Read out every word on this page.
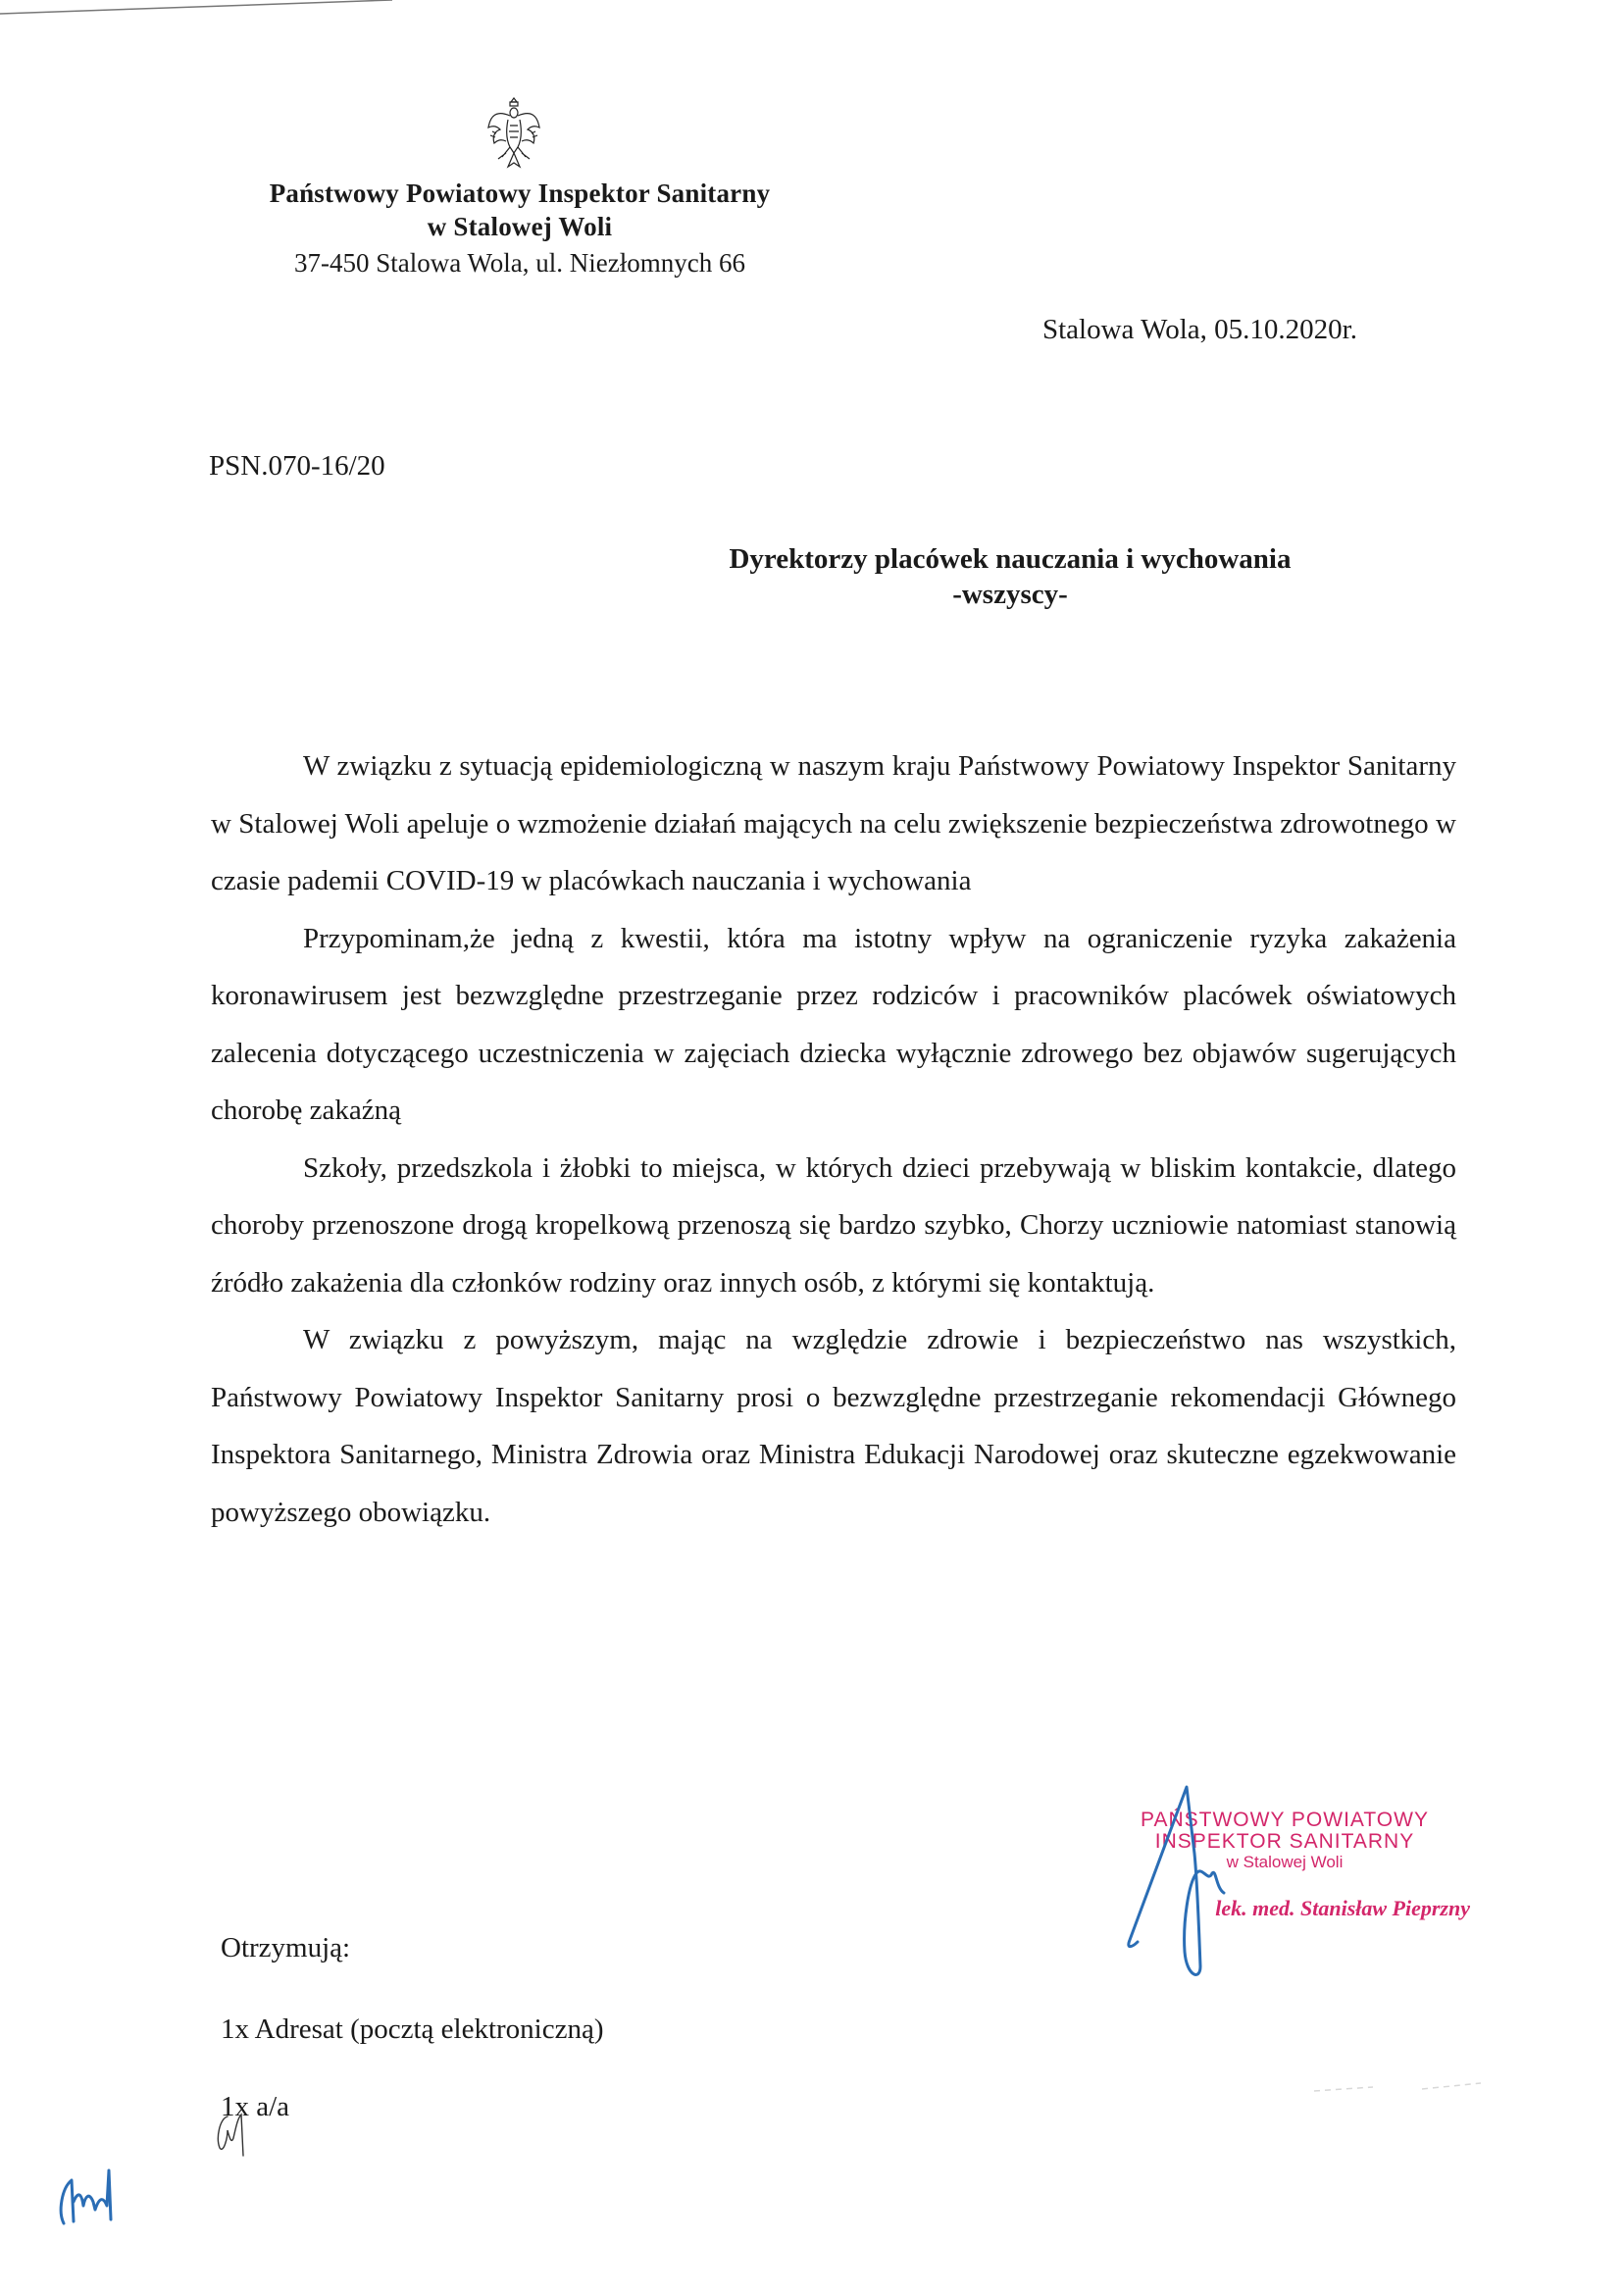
Państwowy Powiatowy Inspektor Sanitarny
w Stalowej Woli
37-450 Stalowa Wola, ul. Niezłomnych 66
Stalowa Wola, 05.10.2020r.
PSN.070-16/20
Dyrektorzy placówek nauczania i wychowania
-wszyscy-

W związku z sytuacją epidemiologiczną w naszym kraju Państwowy Powiatowy Inspektor Sanitarny w Stalowej Woli apeluje o wzmożenie działań mających na celu zwiększenie bezpieczeństwa zdrowotnego w czasie pademii COVID-19 w placówkach nauczania i wychowania

Przypominam,że jedną z kwestii, która ma istotny wpływ na ograniczenie ryzyka zakażenia koronawirusem jest bezwzględne przestrzeganie przez rodziców i pracowników placówek oświatowych zalecenia dotyczącego uczestniczenia w zajęciach dziecka wyłącznie zdrowego bez objawów sugerujących chorobę zakaźną

Szkoły, przedszkola i żłobki to miejsca, w których dzieci przebywają w bliskim kontakcie, dlatego choroby przenoszone drogą kropelkową przenoszą się bardzo szybko, Chorzy uczniowie natomiast stanowią źródło zakażenia dla członków rodziny oraz innych osób, z którymi się kontaktują.

W związku z powyższym, mając na względzie zdrowie i bezpieczeństwo nas wszystkich, Państwowy Powiatowy Inspektor Sanitarny prosi o bezwzględne przestrzeganie rekomendacji Głównego Inspektora Sanitarnego, Ministra Zdrowia oraz Ministra Edukacji Narodowej oraz skuteczne egzekwowanie powyższego obowiązku.

PAŃSTWOWY POWIATOWY
INSPEKTOR SANITARNY
w Stalowej Woli
lek. med. Stanisław Pieprzny
Otrzymują:
1x Adresat (pocztą elektroniczną)
1x a/a
